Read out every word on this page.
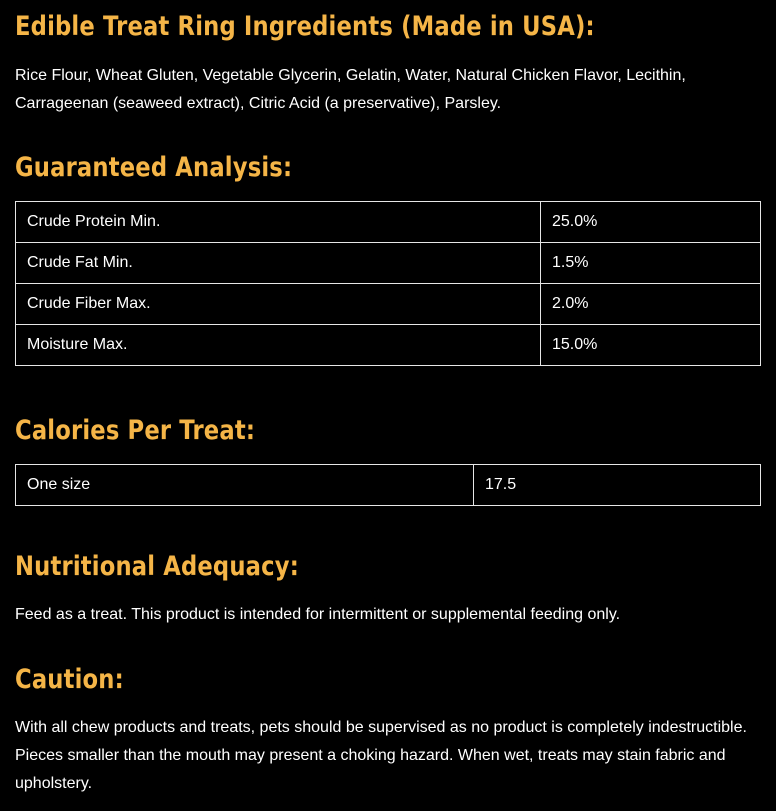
Edible Treat Ring Ingredients (Made in USA):

Rice Flour, Wheat Gluten, Vegetable Glycerin, Gelatin, Water, Natural Chicken Flavor, Lecithin, Carrageenan (seaweed extract), Citric Acid (a preservative), Parsley.

Guaranteed Analysis:
Crude Protein Min.	25.0%
Crude Fat Min.	1.5%
Crude Fiber Max.	2.0%
Moisture Max.	15.0%
Calories Per Treat:
One size	17.5
Nutritional Adequacy:

Feed as a treat. This product is intended for intermittent or supplemental feeding only.

Caution:

With all chew products and treats, pets should be supervised as no product is completely indestructible. Pieces smaller than the mouth may present a choking hazard. When wet, treats may stain fabric and upholstery.
